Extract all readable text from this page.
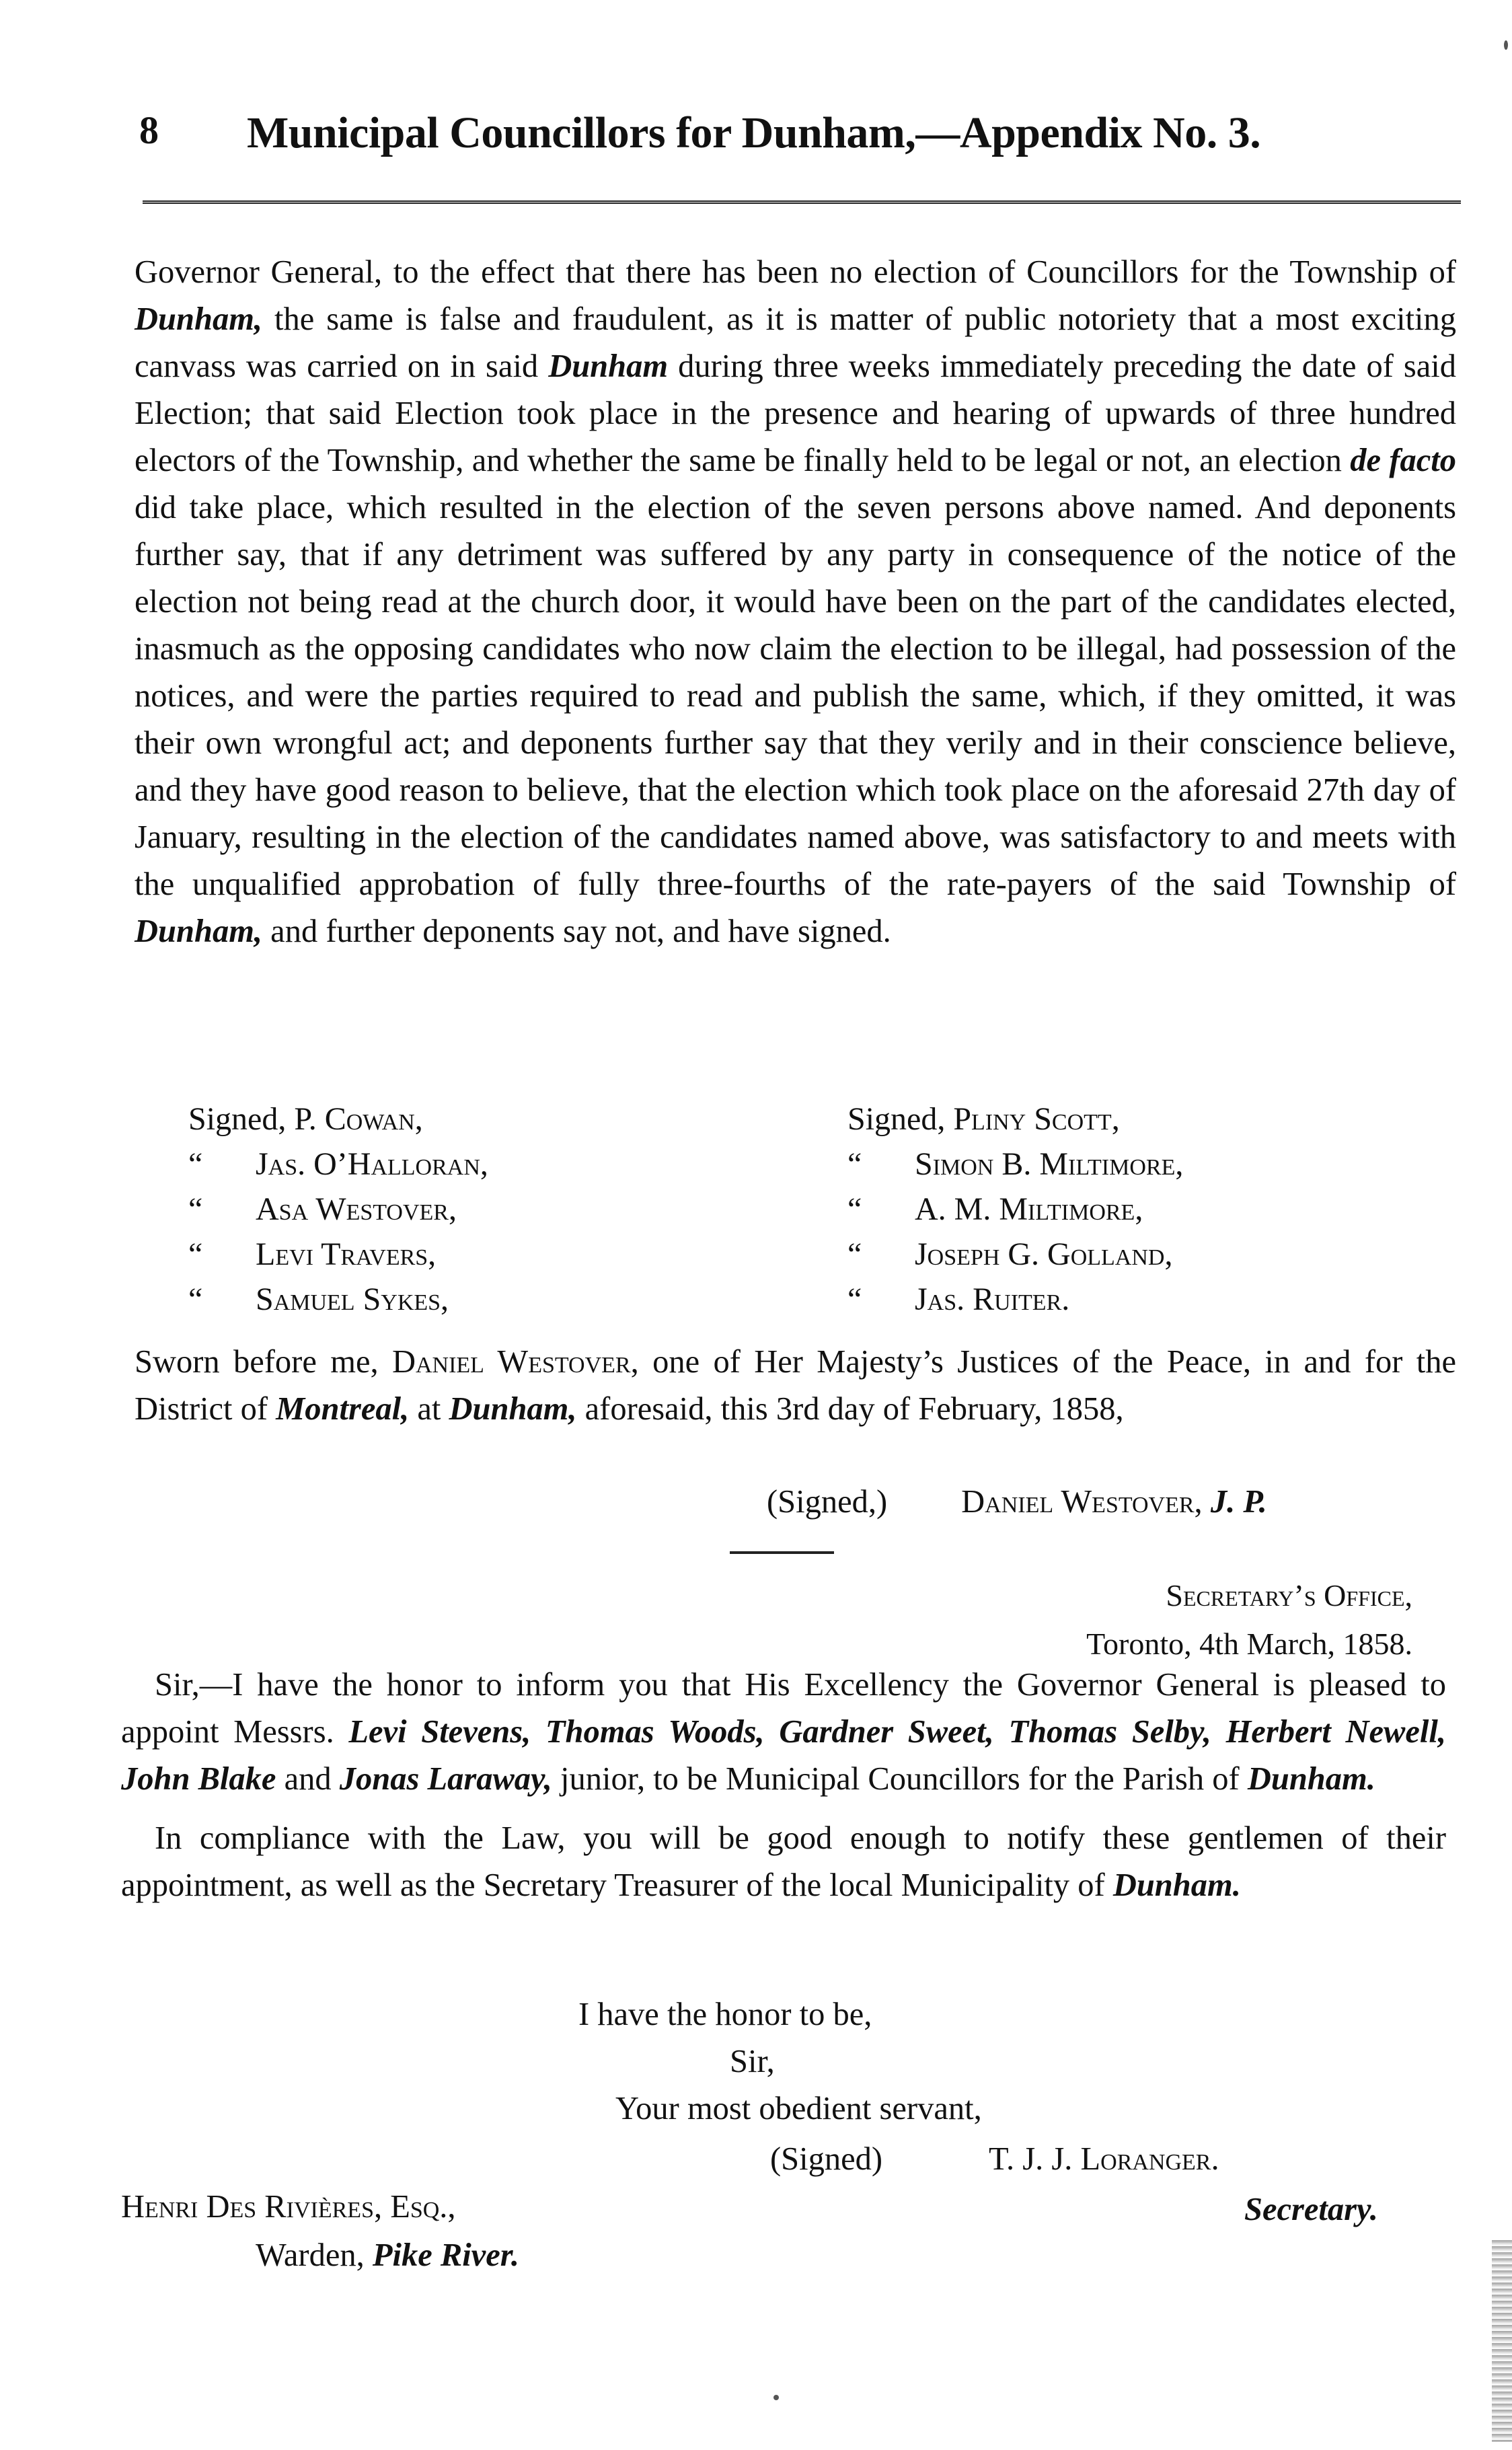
8 Municipal Councillors for Dunham,—Appendix No. 3.

Governor General, to the effect that there has been no election of Councillors for the Township of Dunham, the same is false and fraudulent, as it is matter of public notoriety that a most exciting canvass was carried on in said Dunham during three weeks immediately preceding the date of said Election; that said Election took place in the presence and hearing of upwards of three hundred electors of the Township, and whether the same be finally held to be legal or not, an election de facto did take place, which resulted in the election of the seven persons above named. And deponents further say, that if any detriment was suffered by any party in consequence of the notice of the election not being read at the church door, it would have been on the part of the candidates elected, inasmuch as the opposing candidates who now claim the election to be illegal, had possession of the notices, and were the parties required to read and publish the same, which, if they omitted, it was their own wrongful act; and deponents further say that they verily and in their conscience believe, and they have good reason to believe, that the election which took place on the aforesaid 27th day of January, resulting in the election of the candidates named above, was satisfactory to and meets with the unqualified approbation of fully three-fourths of the rate-payers of the said Township of Dunham, and further deponents say not, and have signed.

Signed, P. Cowan,
“ Jas. O’Halloran,
“ Asa Westover,
“ Levi Travers,
“ Samuel Sykes,
Signed, Pliny Scott,
“ Simon B. Miltimore,
“ A. M. Miltimore,
“ Joseph G. Golland,
“ Jas. Ruiter.
Sworn before me, Daniel Westover, one of Her Majesty’s Justices of the Peace, in and for the District of Montreal, at Dunham, aforesaid, this 3rd day of February, 1858,
(Signed,) Daniel Westover, J. P.
Secretary’s Office,
Toronto, 4th March, 1858.

Sir,—I have the honor to inform you that His Excellency the Governor General is pleased to appoint Messrs. Levi Stevens, Thomas Woods, Gardner Sweet, Thomas Selby, Herbert Newell, John Blake and Jonas Laraway, junior, to be Municipal Councillors for the Parish of Dunham.

In compliance with the Law, you will be good enough to notify these gentlemen of their appointment, as well as the Secretary Treasurer of the local Municipality of Dunham.

I have the honor to be,
Sir,
Your most obedient servant,
(Signed)	T. J. J. Loranger.
Secretary.
Henri Des Rivières, Esq.,
Warden, Pike River.
